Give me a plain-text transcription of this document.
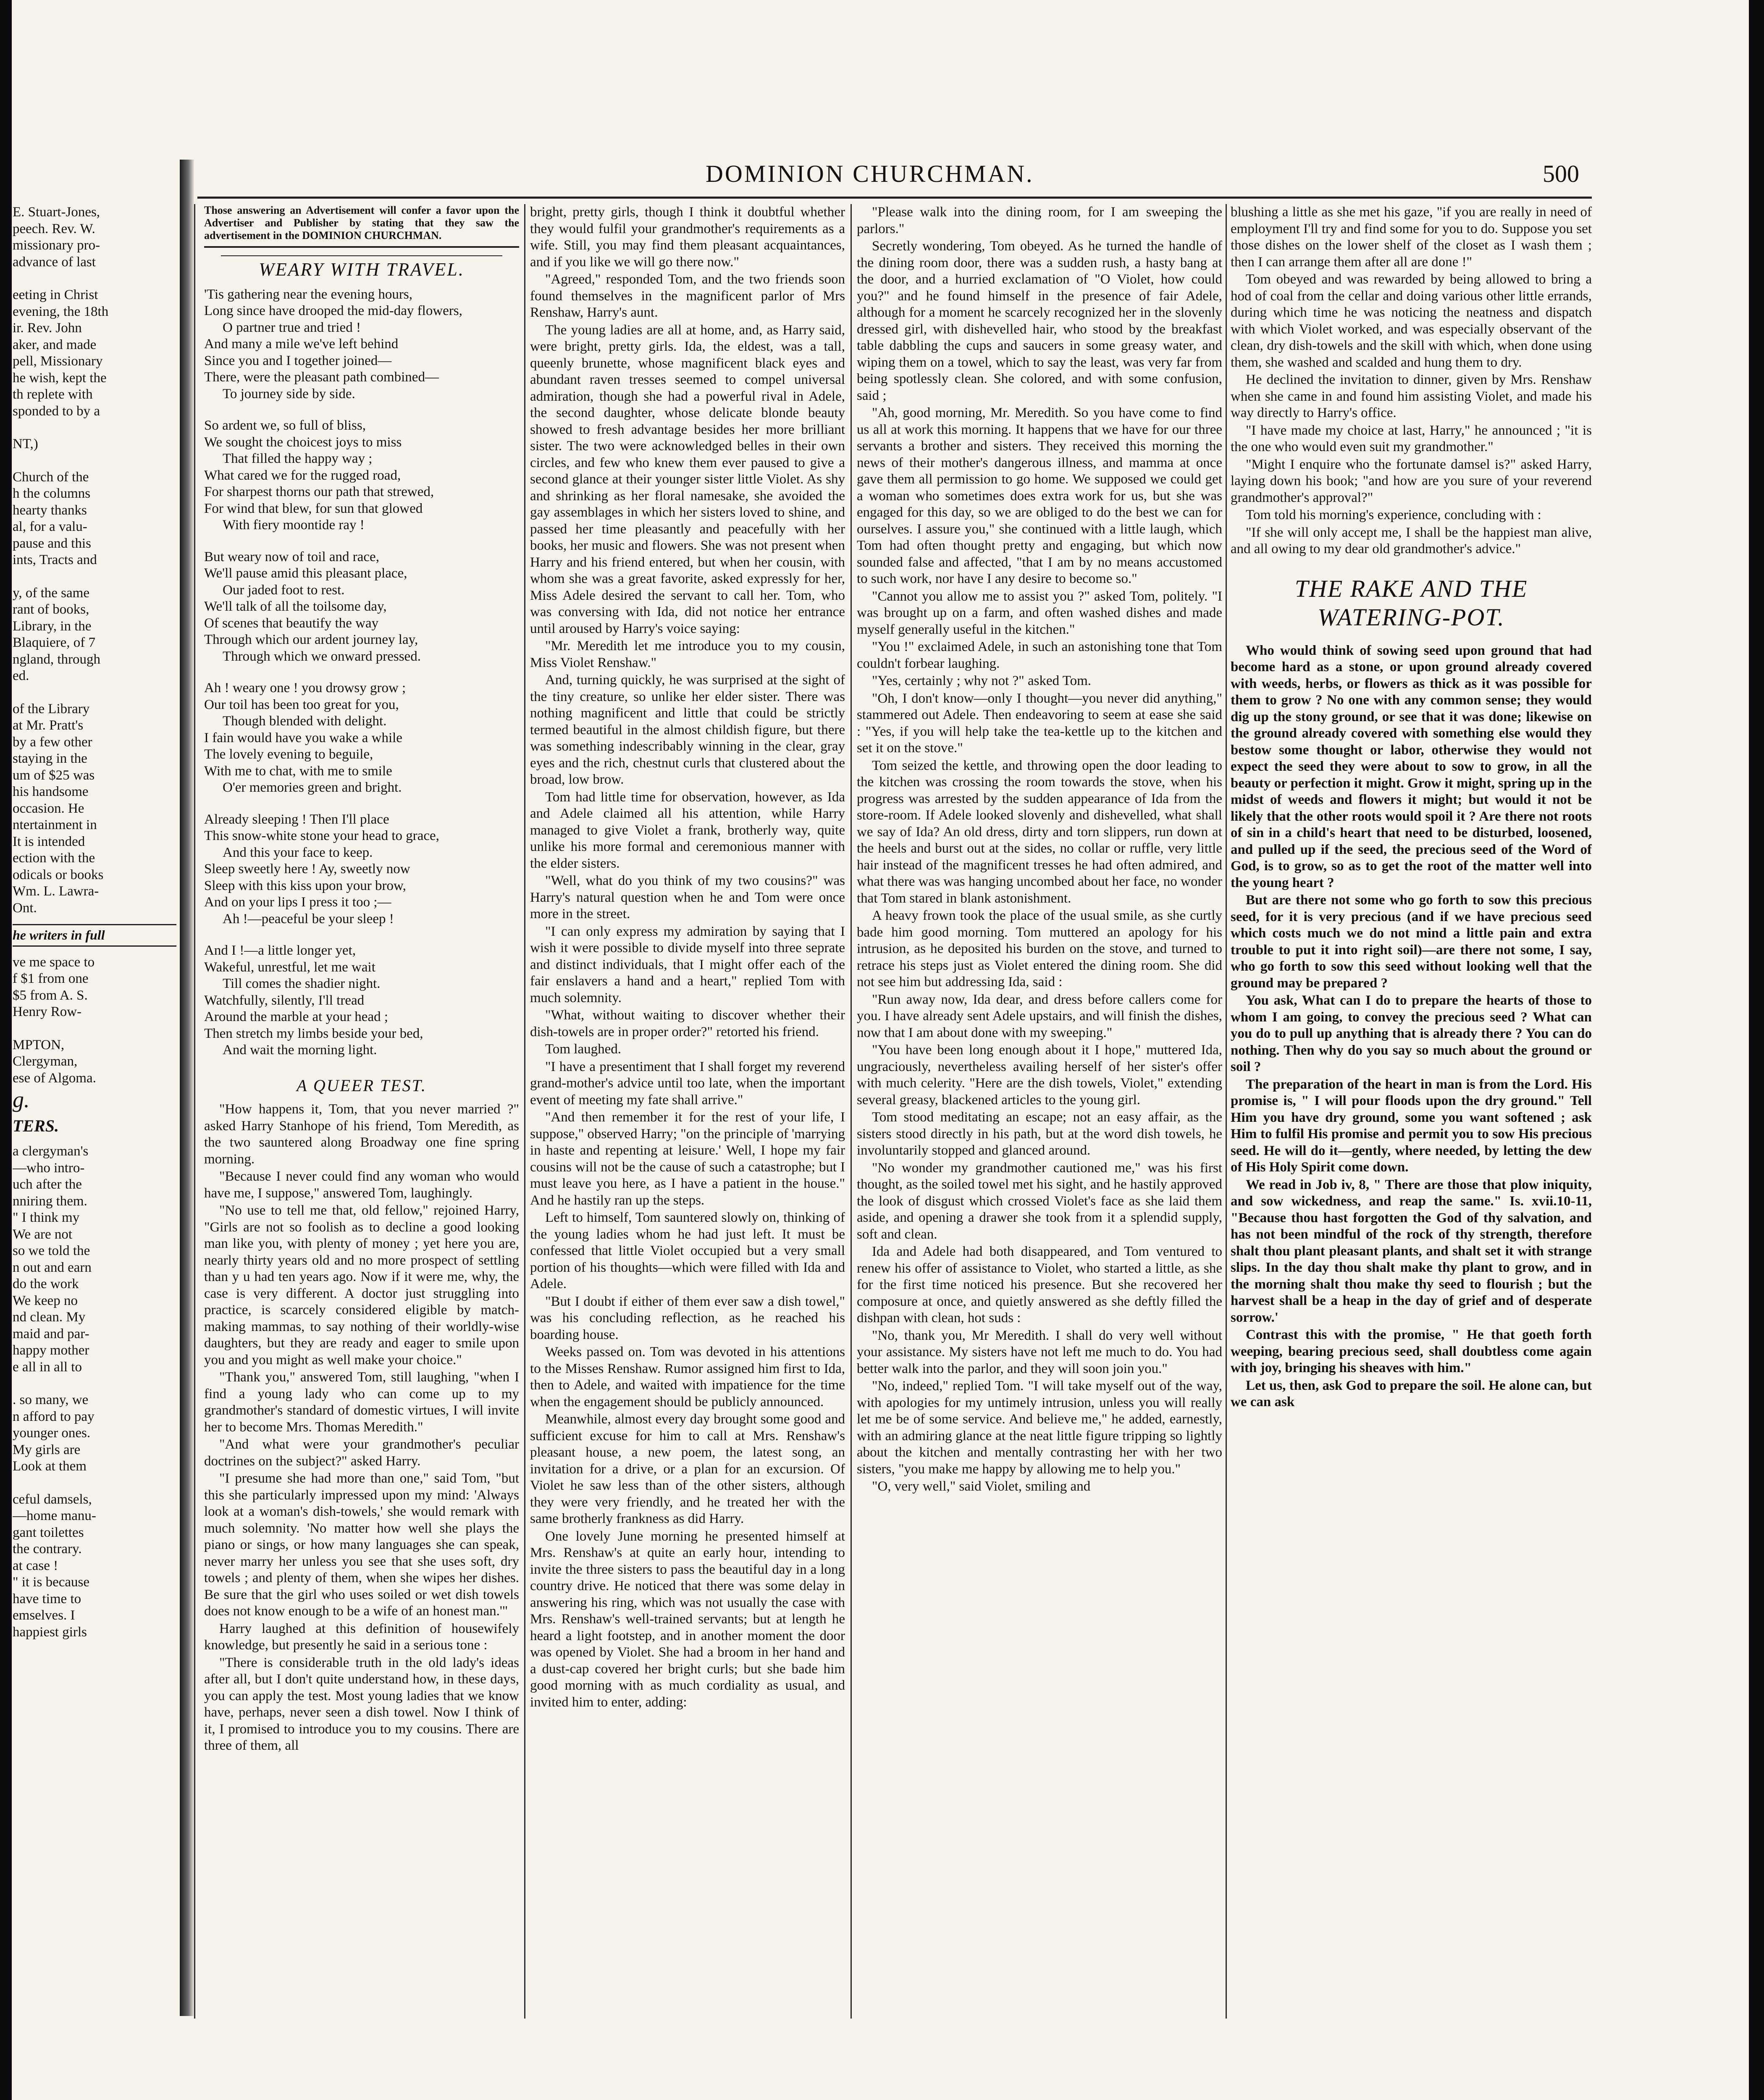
DOMINION CHURCHMAN.	500
E. Stuart-Jones,
peech. Rev. W.
missionary pro-
advance of last
eeting in Christ
evening, the 18th
ir. Rev. John
aker, and made
pell, Missionary
he wish, kept the
th replete with
sponded to by a
NT,)
Church of the
h the columns
hearty thanks
al, for a valu-
pause and this
ints, Tracts and
y, of the same
rant of books,
Library, in the
Blaquiere, of 7
ngland, through
ed.
of the Library
at Mr. Pratt's
by a few other
staying in the
um of $25 was
his handsome
occasion. He
ntertainment in
It is intended
ection with the
odicals or books
Wm. L. Lawra-
Ont.
he writers in full
ve me space to
f $1 from one
$5 from A. S.
Henry Row-
MPTON,
Clergyman,
ese of Algoma.
g.
TERS.
a clergyman's
—who intro-
uch after the
nniring them.
" I think my
We are not
so we told the
n out and earn
do the work
We keep no
nd clean. My
maid and par-
happy mother
e all in all to
. so many, we
n afford to pay
younger ones.
My girls are
Look at them
ceful damsels,
—home manu-
gant toilettes
the contrary.
at case !
" it is because
have time to
emselves. I
happiest girls
Those answering an Advertisement will confer a favor upon the Advertiser and Publisher by stating that they saw the advertisement in the DOMINION CHURCHMAN.
WEARY WITH TRAVEL.
'Tis gathering near the evening hours,
Long since have drooped the mid-day flowers,
O partner true and tried !
And many a mile we've left behind
Since you and I together joined—
There, were the pleasant path combined—
To journey side by side.
So ardent we, so full of bliss,
We sought the choicest joys to miss
That filled the happy way ;
What cared we for the rugged road,
For sharpest thorns our path that strewed,
For wind that blew, for sun that glowed
With fiery moontide ray !
But weary now of toil and race,
We'll pause amid this pleasant place,
Our jaded foot to rest.
We'll talk of all the toilsome day,
Of scenes that beautify the way
Through which our ardent journey lay,
Through which we onward pressed.
Ah ! weary one ! you drowsy grow ;
Our toil has been too great for you,
Though blended with delight.
I fain would have you wake a while
The lovely evening to beguile,
With me to chat, with me to smile
O'er memories green and bright.
Already sleeping ! Then I'll place
This snow-white stone your head to grace,
And this your face to keep.
Sleep sweetly here ! Ay, sweetly now
Sleep with this kiss upon your brow,
And on your lips I press it too ;—
Ah !—peaceful be your sleep !
And I !—a little longer yet,
Wakeful, unrestful, let me wait
Till comes the shadier night.
Watchfully, silently, I'll tread
Around the marble at your head ;
Then stretch my limbs beside your bed,
And wait the morning light.
A QUEER TEST.

"How happens it, Tom, that you never married ?" asked Harry Stanhope of his friend, Tom Meredith, as the two sauntered along Broadway one fine spring morning.

"Because I never could find any woman who would have me, I suppose," answered Tom, laughingly.

"No use to tell me that, old fellow," rejoined Harry, "Girls are not so foolish as to decline a good looking man like you, with plenty of money ; yet here you are, nearly thirty years old and no more prospect of settling than y u had ten years ago. Now if it were me, why, the case is very different. A doctor just struggling into practice, is scarcely considered eligible by match-making mammas, to say nothing of their worldly-wise daughters, but they are ready and eager to smile upon you and you might as well make your choice."

"Thank you," answered Tom, still laughing, "when I find a young lady who can come up to my grandmother's standard of domestic virtues, I will invite her to become Mrs. Thomas Meredith."

"And what were your grandmother's peculiar doctrines on the subject?" asked Harry.

"I presume she had more than one," said Tom, "but this she particularly impressed upon my mind: 'Always look at a woman's dish-towels,' she would remark with much solemnity. 'No matter how well she plays the piano or sings, or how many languages she can speak, never marry her unless you see that she uses soft, dry towels ; and plenty of them, when she wipes her dishes. Be sure that the girl who uses soiled or wet dish towels does not know enough to be a wife of an honest man.'"

Harry laughed at this definition of housewifely knowledge, but presently he said in a serious tone :

"There is considerable truth in the old lady's ideas after all, but I don't quite understand how, in these days, you can apply the test. Most young ladies that we know have, perhaps, never seen a dish towel. Now I think of it, I promised to introduce you to my cousins. There are three of them, all

bright, pretty girls, though I think it doubtful whether they would fulfil your grandmother's requirements as a wife. Still, you may find them pleasant acquaintances, and if you like we will go there now."

"Agreed," responded Tom, and the two friends soon found themselves in the magnificent parlor of Mrs Renshaw, Harry's aunt.

The young ladies are all at home, and, as Harry said, were bright, pretty girls. Ida, the eldest, was a tall, queenly brunette, whose magnificent black eyes and abundant raven tresses seemed to compel universal admiration, though she had a powerful rival in Adele, the second daughter, whose delicate blonde beauty showed to fresh advantage besides her more brilliant sister. The two were acknowledged belles in their own circles, and few who knew them ever paused to give a second glance at their younger sister little Violet. As shy and shrinking as her floral namesake, she avoided the gay assemblages in which her sisters loved to shine, and passed her time pleasantly and peacefully with her books, her music and flowers. She was not present when Harry and his friend entered, but when her cousin, with whom she was a great favorite, asked expressly for her, Miss Adele desired the servant to call her. Tom, who was conversing with Ida, did not notice her entrance until aroused by Harry's voice saying:

"Mr. Meredith let me introduce you to my cousin, Miss Violet Renshaw."

And, turning quickly, he was surprised at the sight of the tiny creature, so unlike her elder sister. There was nothing magnificent and little that could be strictly termed beautiful in the almost childish figure, but there was something indescribably winning in the clear, gray eyes and the rich, chestnut curls that clustered about the broad, low brow.

Tom had little time for observation, however, as Ida and Adele claimed all his attention, while Harry managed to give Violet a frank, brotherly way, quite unlike his more formal and ceremonious manner with the elder sisters.

"Well, what do you think of my two cousins?" was Harry's natural question when he and Tom were once more in the street.

"I can only express my admiration by saying that I wish it were possible to divide myself into three seprate and distinct individuals, that I might offer each of the fair enslavers a hand and a heart," replied Tom with much solemnity.

"What, without waiting to discover whether their dish-towels are in proper order?" retorted his friend.

Tom laughed.

"I have a presentiment that I shall forget my reverend grand-mother's advice until too late, when the important event of meeting my fate shall arrive."

"And then remember it for the rest of your life, I suppose," observed Harry; "on the principle of 'marrying in haste and repenting at leisure.' Well, I hope my fair cousins will not be the cause of such a catastrophe; but I must leave you here, as I have a patient in the house." And he hastily ran up the steps.

Left to himself, Tom sauntered slowly on, thinking of the young ladies whom he had just left. It must be confessed that little Violet occupied but a very small portion of his thoughts—which were filled with Ida and Adele.

"But I doubt if either of them ever saw a dish towel," was his concluding reflection, as he reached his boarding house.

Weeks passed on. Tom was devoted in his attentions to the Misses Renshaw. Rumor assigned him first to Ida, then to Adele, and waited with impatience for the time when the engagement should be publicly announced.

Meanwhile, almost every day brought some good and sufficient excuse for him to call at Mrs. Renshaw's pleasant house, a new poem, the latest song, an invitation for a drive, or a plan for an excursion. Of Violet he saw less than of the other sisters, although they were very friendly, and he treated her with the same brotherly frankness as did Harry.

One lovely June morning he presented himself at Mrs. Renshaw's at quite an early hour, intending to invite the three sisters to pass the beautiful day in a long country drive. He noticed that there was some delay in answering his ring, which was not usually the case with Mrs. Renshaw's well-trained servants; but at length he heard a light footstep, and in another moment the door was opened by Violet. She had a broom in her hand and a dust-cap covered her bright curls; but she bade him good morning with as much cordiality as usual, and invited him to enter, adding:

"Please walk into the dining room, for I am sweeping the parlors."

Secretly wondering, Tom obeyed. As he turned the handle of the dining room door, there was a sudden rush, a hasty bang at the door, and a hurried exclamation of "O Violet, how could you?" and he found himself in the presence of fair Adele, although for a moment he scarcely recognized her in the slovenly dressed girl, with dishevelled hair, who stood by the breakfast table dabbling the cups and saucers in some greasy water, and wiping them on a towel, which to say the least, was very far from being spotlessly clean. She colored, and with some confusion, said ;

"Ah, good morning, Mr. Meredith. So you have come to find us all at work this morning. It happens that we have for our three servants a brother and sisters. They received this morning the news of their mother's dangerous illness, and mamma at once gave them all permission to go home. We supposed we could get a woman who sometimes does extra work for us, but she was engaged for this day, so we are obliged to do the best we can for ourselves. I assure you," she continued with a little laugh, which Tom had often thought pretty and engaging, but which now sounded false and affected, "that I am by no means accustomed to such work, nor have I any desire to become so."

"Cannot you allow me to assist you ?" asked Tom, politely. "I was brought up on a farm, and often washed dishes and made myself generally useful in the kitchen."

"You !" exclaimed Adele, in such an astonishing tone that Tom couldn't forbear laughing.

"Yes, certainly ; why not ?" asked Tom.

"Oh, I don't know—only I thought—you never did anything," stammered out Adele. Then endeavoring to seem at ease she said : "Yes, if you will help take the tea-kettle up to the kitchen and set it on the stove."

Tom seized the kettle, and throwing open the door leading to the kitchen was crossing the room towards the stove, when his progress was arrested by the sudden appearance of Ida from the store-room. If Adele looked slovenly and dishevelled, what shall we say of Ida? An old dress, dirty and torn slippers, run down at the heels and burst out at the sides, no collar or ruffle, very little hair instead of the magnificent tresses he had often admired, and what there was was hanging uncombed about her face, no wonder that Tom stared in blank astonishment.

A heavy frown took the place of the usual smile, as she curtly bade him good morning. Tom muttered an apology for his intrusion, as he deposited his burden on the stove, and turned to retrace his steps just as Violet entered the dining room. She did not see him but addressing Ida, said :

"Run away now, Ida dear, and dress before callers come for you. I have already sent Adele upstairs, and will finish the dishes, now that I am about done with my sweeping."

"You have been long enough about it I hope," muttered Ida, ungraciously, nevertheless availing herself of her sister's offer with much celerity. "Here are the dish towels, Violet," extending several greasy, blackened articles to the young girl.

Tom stood meditating an escape; not an easy affair, as the sisters stood directly in his path, but at the word dish towels, he involuntarily stopped and glanced around.

"No wonder my grandmother cautioned me," was his first thought, as the soiled towel met his sight, and he hastily approved the look of disgust which crossed Violet's face as she laid them aside, and opening a drawer she took from it a splendid supply, soft and clean.

Ida and Adele had both disappeared, and Tom ventured to renew his offer of assistance to Violet, who started a little, as she for the first time noticed his presence. But she recovered her composure at once, and quietly answered as she deftly filled the dishpan with clean, hot suds :

"No, thank you, Mr Meredith. I shall do very well without your assistance. My sisters have not left me much to do. You had better walk into the parlor, and they will soon join you."

"No, indeed," replied Tom. "I will take myself out of the way, with apologies for my untimely intrusion, unless you will really let me be of some service. And believe me," he added, earnestly, with an admiring glance at the neat little figure tripping so lightly about the kitchen and mentally contrasting her with her two sisters, "you make me happy by allowing me to help you."

"O, very well," said Violet, smiling and

blushing a little as she met his gaze, "if you are really in need of employment I'll try and find some for you to do. Suppose you set those dishes on the lower shelf of the closet as I wash them ; then I can arrange them after all are done !"

Tom obeyed and was rewarded by being allowed to bring a hod of coal from the cellar and doing various other little errands, during which time he was noticing the neatness and dispatch with which Violet worked, and was especially observant of the clean, dry dish-towels and the skill with which, when done using them, she washed and scalded and hung them to dry.

He declined the invitation to dinner, given by Mrs. Renshaw when she came in and found him assisting Violet, and made his way directly to Harry's office.

"I have made my choice at last, Harry," he announced ; "it is the one who would even suit my grandmother."

"Might I enquire who the fortunate damsel is?" asked Harry, laying down his book; "and how are you sure of your reverend grandmother's approval?"

Tom told his morning's experience, concluding with :

"If she will only accept me, I shall be the happiest man alive, and all owing to my dear old grandmother's advice."

THE RAKE AND THE WATERING-POT.

Who would think of sowing seed upon ground that had become hard as a stone, or upon ground already covered with weeds, herbs, or flowers as thick as it was possible for them to grow ? No one with any common sense; they would dig up the stony ground, or see that it was done; likewise on the ground already covered with something else would they bestow some thought or labor, otherwise they would not expect the seed they were about to sow to grow, in all the beauty or perfection it might. Grow it might, spring up in the midst of weeds and flowers it might; but would it not be likely that the other roots would spoil it ? Are there not roots of sin in a child's heart that need to be disturbed, loosened, and pulled up if the seed, the precious seed of the Word of God, is to grow, so as to get the root of the matter well into the young heart ?

But are there not some who go forth to sow this precious seed, for it is very precious (and if we have precious seed which costs much we do not mind a little pain and extra trouble to put it into right soil)—are there not some, I say, who go forth to sow this seed without looking well that the ground may be prepared ?

You ask, What can I do to prepare the hearts of those to whom I am going, to convey the precious seed ? What can you do to pull up anything that is already there ? You can do nothing. Then why do you say so much about the ground or soil ?

The preparation of the heart in man is from the Lord. His promise is, " I will pour floods upon the dry ground." Tell Him you have dry ground, some you want softened ; ask Him to fulfil His promise and permit you to sow His precious seed. He will do it—gently, where needed, by letting the dew of His Holy Spirit come down.

We read in Job iv, 8, " There are those that plow iniquity, and sow wickedness, and reap the same." Is. xvii.10-11, "Because thou hast forgotten the God of thy salvation, and has not been mindful of the rock of thy strength, therefore shalt thou plant pleasant plants, and shalt set it with strange slips. In the day thou shalt make thy plant to grow, and in the morning shalt thou make thy seed to flourish ; but the harvest shall be a heap in the day of grief and of desperate sorrow.'

Contrast this with the promise, " He that goeth forth weeping, bearing precious seed, shall doubtless come again with joy, bringing his sheaves with him."

Let us, then, ask God to prepare the soil. He alone can, but we can ask
